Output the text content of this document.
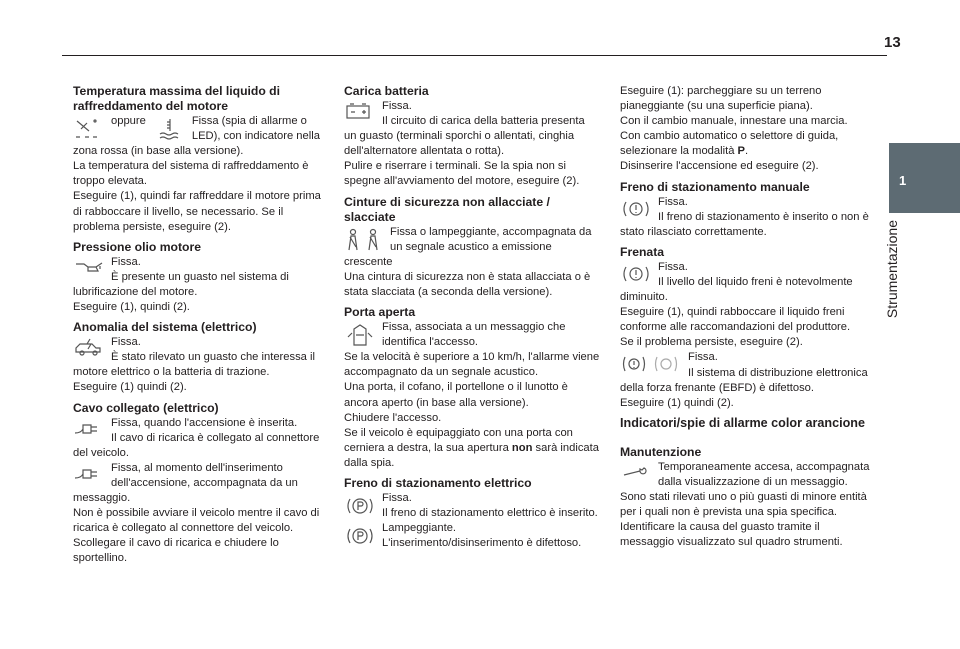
13
1
Strumentazione
Temperatura massima del liquido di raffreddamento del motore
oppure	Fissa (spia di allarme o LED), con indicatore nella zona rossa (in base alla versione).

La temperatura del sistema di raffreddamento è troppo elevata.

Eseguire (1), quindi far raffreddare il motore prima di rabboccare il livello, se necessario. Se il problema persiste, eseguire (2).

Pressione olio motore

Fissa.

È presente un guasto nel sistema di lubrificazione del motore.

Eseguire (1), quindi (2).

Anomalia del sistema (elettrico)

Fissa.

È stato rilevato un guasto che interessa il motore elettrico o la batteria di trazione.

Eseguire (1) quindi (2).

Cavo collegato (elettrico)

Fissa, quando l'accensione è inserita.

Il cavo di ricarica è collegato al connettore del veicolo.

Fissa, al momento dell'inserimento dell'accensione, accompagnata da un messaggio.

Non è possibile avviare il veicolo mentre il cavo di ricarica è collegato al connettore del veicolo.

Scollegare il cavo di ricarica e chiudere lo sportellino.

Carica batteria

Fissa.

Il circuito di carica della batteria presenta un guasto (terminali sporchi o allentati, cinghia dell'alternatore allentata o rotta).

Pulire e riserrare i terminali. Se la spia non si spegne all'avviamento del motore, eseguire (2).

Cinture di sicurezza non allacciate / slacciate

Fissa o lampeggiante, accompagnata da un segnale acustico a emissione crescente

Una cintura di sicurezza non è stata allacciata o è stata slacciata (a seconda della versione).

Porta aperta

Fissa, associata a un messaggio che identifica l'accesso.

Se la velocità è superiore a 10 km/h, l'allarme viene accompagnato da un segnale acustico.

Una porta, il cofano, il portellone o il lunotto è ancora aperto (in base alla versione).

Chiudere l'accesso.

Se il veicolo è equipaggiato con una porta con cerniera a destra, la sua apertura non sarà indicata dalla spia.

Freno di stazionamento elettrico

Fissa.

Il freno di stazionamento elettrico è inserito.

Lampeggiante.

L'inserimento/disinserimento è difettoso.

Eseguire (1): parcheggiare su un terreno pianeggiante (su una superficie piana).

Con il cambio manuale, innestare una marcia.

Con cambio automatico o selettore di guida, selezionare la modalità P.

Disinserire l'accensione ed eseguire (2).

Freno di stazionamento manuale

Fissa.

Il freno di stazionamento è inserito o non è stato rilasciato correttamente.

Frenata

Fissa.

Il livello del liquido freni è notevolmente diminuito.

Eseguire (1), quindi rabboccare il liquido freni conforme alle raccomandazioni del produttore.

Se il problema persiste, eseguire (2).

Fissa.

Il sistema di distribuzione elettronica della forza frenante (EBFD) è difettoso.

Eseguire (1) quindi (2).

Indicatori/spie di allarme color arancione
Manutenzione

Temporaneamente accesa, accompagnata dalla visualizzazione di un messaggio.

Sono stati rilevati uno o più guasti di minore entità per i quali non è prevista una spia specifica.

Identificare la causa del guasto tramite il messaggio visualizzato sul quadro strumenti.
